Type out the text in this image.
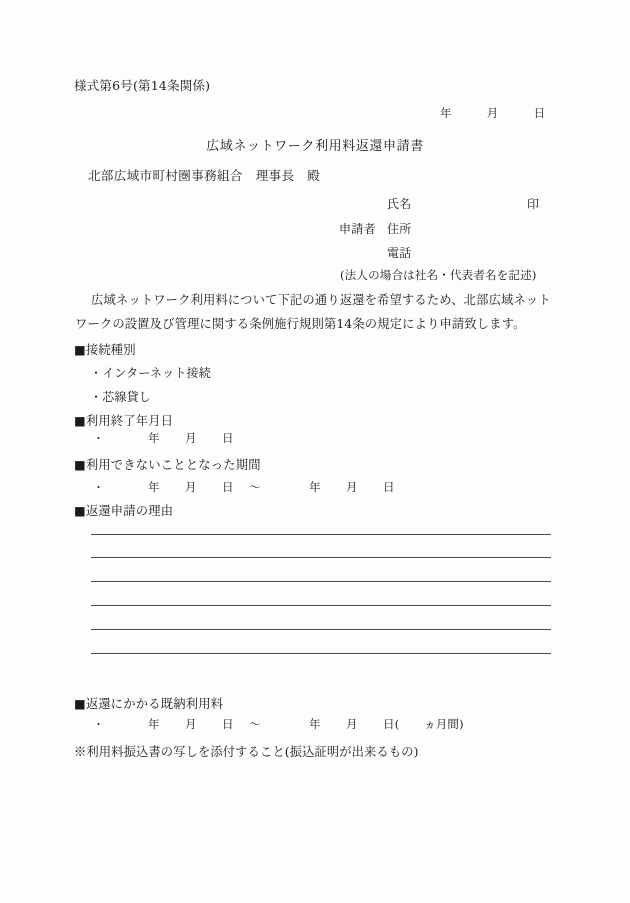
様式第6号(第14条関係)
年　　　月　　　日
広域ネットワーク利用料返還申請書
北部広域市町村圏事務組合　理事長　殿
氏名	印
申請者 住所
電話
(法人の場合は社名・代表者名を記述)
広域ネットワーク利用料について下記の通り返還を希望するため、北部広域ネット
ワークの設置及び管理に関する条例施行規則第14条の規定により申請致します。
■接続種別
・インターネット接続
・芯線貸し
■利用終了年月日
・	年 月 日
■利用できないこととなった期間
・	年 月 日 〜	年 月 日
■返還申請の理由
■返還にかかる既納利用料
・	年 月 日 〜	年 月 日( ヵ月間)
※利用料振込書の写しを添付すること(振込証明が出来るもの)
